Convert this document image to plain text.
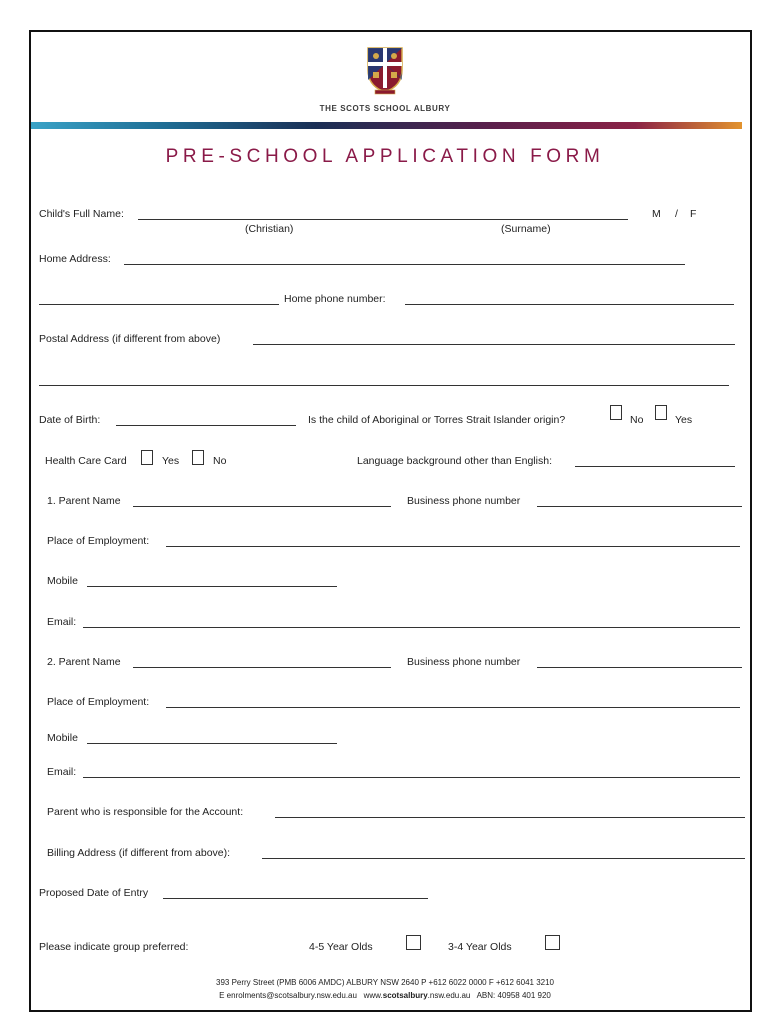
THE SCOTS SCHOOL ALBURY
PRE-SCHOOL APPLICATION FORM
Child's Full Name:	M / F
(Christian)	(Surname)
Home Address:
Home phone number:
Postal Address (if different from above)
Date of Birth:	Is the child of Aboriginal or Torres Strait Islander origin?	No	Yes
Health Care Card	Yes	No	Language background other than English:
1. Parent Name	Business phone number
Place of Employment:
Mobile
Email:
2. Parent Name	Business phone number
Place of Employment:
Mobile
Email:
Parent who is responsible for the Account:
Billing Address (if different from above):
Proposed Date of Entry
Please indicate group preferred:	4-5 Year Olds	3-4 Year Olds
393 Perry Street (PMB 6006 AMDC) ALBURY NSW 2640 P +612 6022 0000 F +612 6041 3210
E enrolments@scotsalbury.nsw.edu.au www.scotsalbury.nsw.edu.au ABN: 40958 401 920
